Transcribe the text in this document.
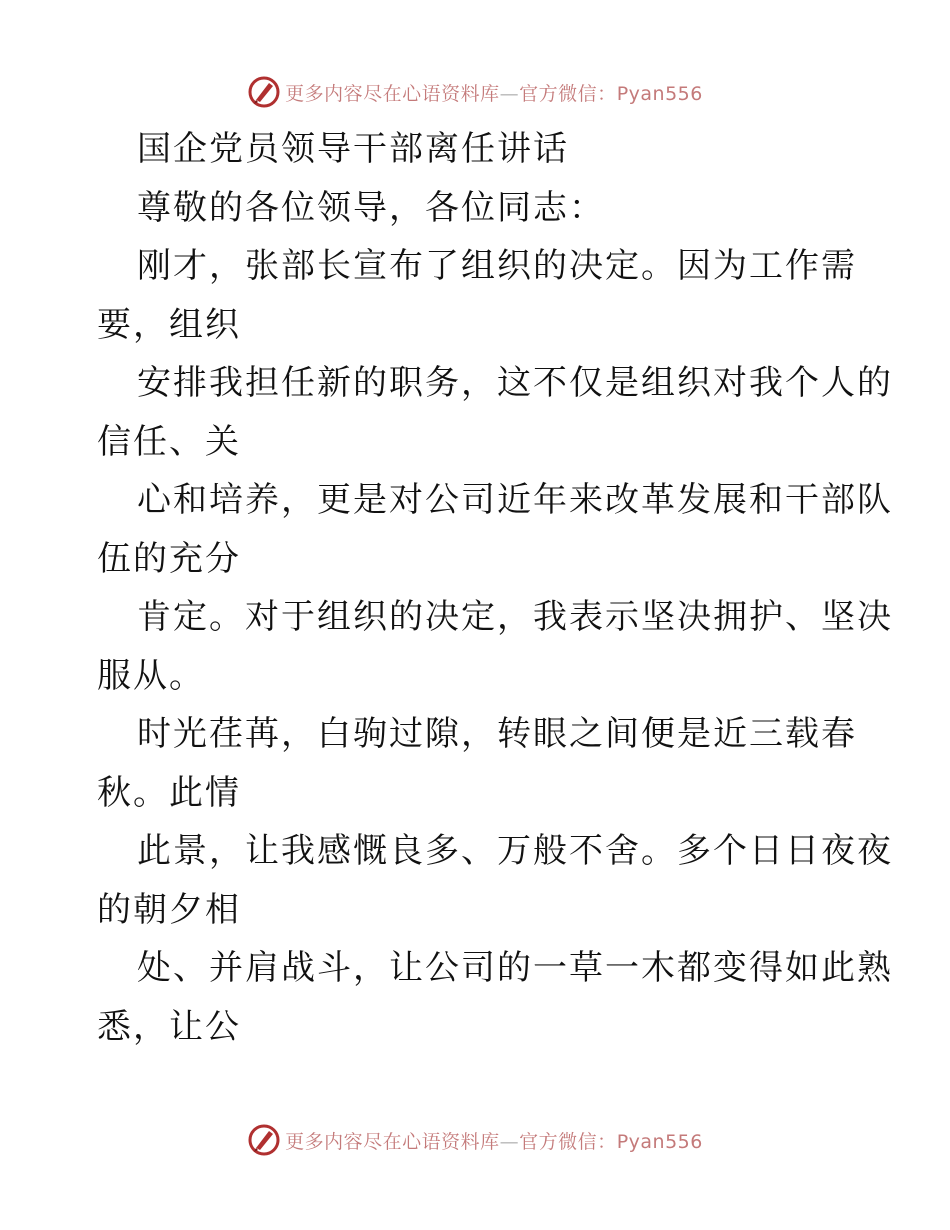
更多内容尽在心语资料库—官方微信：Pyan556
国企党员领导干部离任讲话
尊敬的各位领导，各位同志：
刚才，张部长宣布了组织的决定。因为工作需
要，组织
安排我担任新的职务，这不仅是组织对我个人的
信任、关
心和培养，更是对公司近年来改革发展和干部队
伍的充分
肯定。对于组织的决定，我表示坚决拥护、坚决
服从。
时光荏苒，白驹过隙，转眼之间便是近三载春
秋。此情
此景，让我感慨良多、万般不舍。多个日日夜夜
的朝夕相
处、并肩战斗，让公司的一草一木都变得如此熟
悉，让公
更多内容尽在心语资料库—官方微信：Pyan556
